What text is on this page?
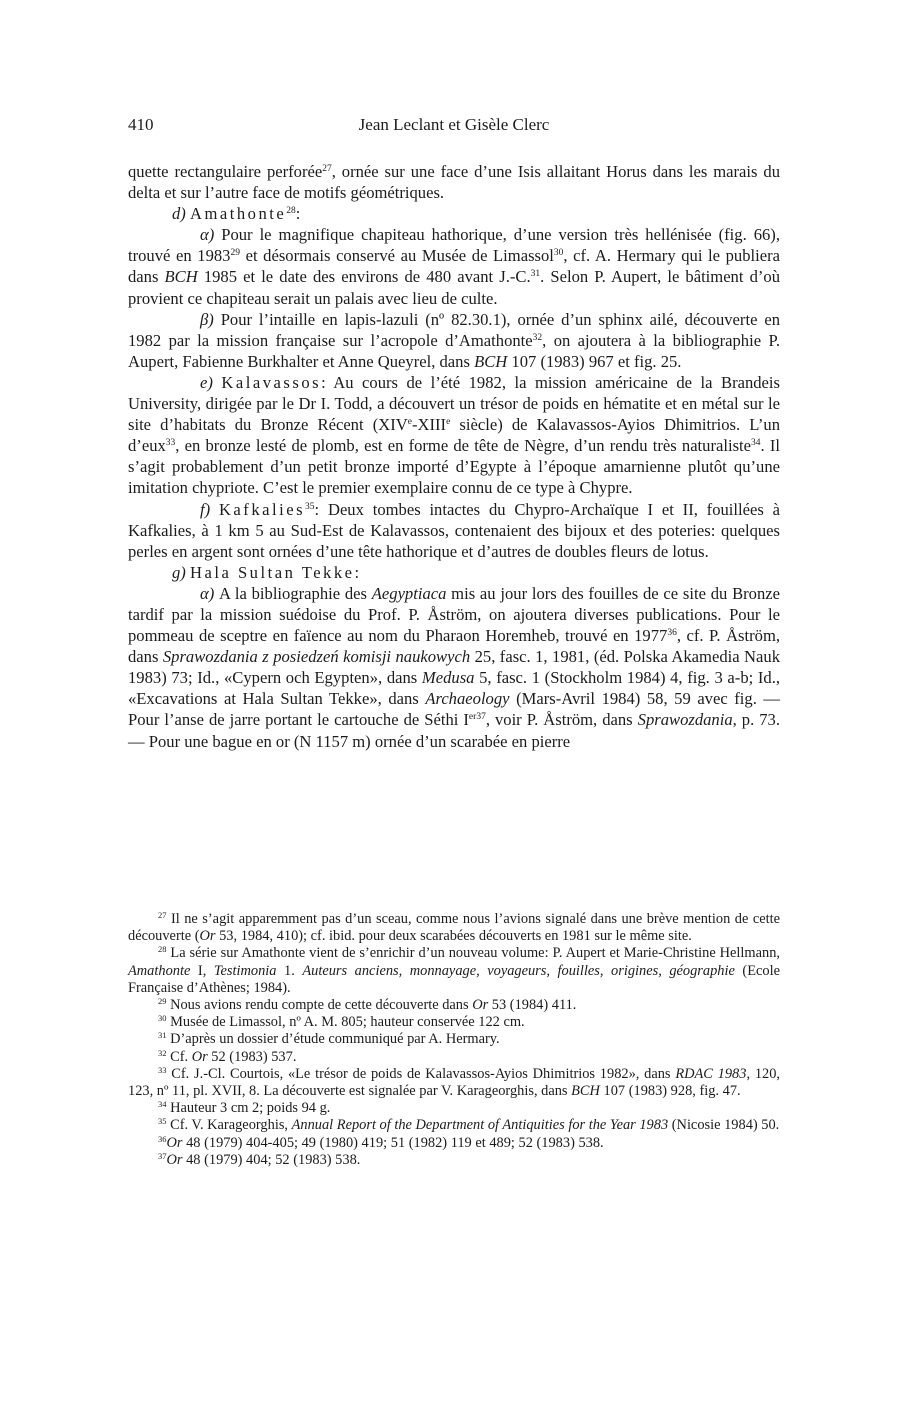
410	Jean Leclant et Gisèle Clerc

quette rectangulaire perforée$^{27}$, ornée sur une face d’une Isis allaitant Horus dans les marais du delta et sur l’autre face de motifs géométriques.

d) Amathonte$^{28}$:

α) Pour le magnifique chapiteau hathorique, d’une version très hellénisée (fig. 66), trouvé en 1983$^{29}$ et désormais conservé au Musée de Limassol$^{30}$, cf. A. Hermary qui le publiera dans BCH 1985 et le date des environs de 480 avant J.-C.$^{31}$. Selon P. Aupert, le bâtiment d’où provient ce chapiteau serait un palais avec lieu de culte.

β) Pour l’intaille en lapis-lazuli (nº 82.30.1), ornée d’un sphinx ailé, découverte en 1982 par la mission française sur l’acropole d’Amathonte$^{32}$, on ajoutera à la bibliographie P. Aupert, Fabienne Burkhalter et Anne Queyrel, dans BCH 107 (1983) 967 et fig. 25.

e) Kalavassos: Au cours de l’été 1982, la mission américaine de la Brandeis University, dirigée par le Dr I. Todd, a découvert un trésor de poids en hématite et en métal sur le site d’habitats du Bronze Récent (XIVe-XIIIe siècle) de Kalavassos-Ayios Dhimitrios. L’un d’eux$^{33}$, en bronze lesté de plomb, est en forme de tête de Nègre, d’un rendu très naturaliste$^{34}$. Il s’agit probablement d’un petit bronze importé d’Egypte à l’époque amarnienne plutôt qu’une imitation chypriote. C’est le premier exemplaire connu de ce type à Chypre.

f) Kafkalies$^{35}$: Deux tombes intactes du Chypro-Archaïque I et II, fouillées à Kafkalies, à 1 km 5 au Sud-Est de Kalavassos, contenaient des bijoux et des poteries: quelques perles en argent sont ornées d’une tête hathorique et d’autres de doubles fleurs de lotus.

g) Hala Sultan Tekke:

α) A la bibliographie des Aegyptiaca mis au jour lors des fouilles de ce site du Bronze tardif par la mission suédoise du Prof. P. Åström, on ajoutera diverses publications. Pour le pommeau de sceptre en faïence au nom du Pharaon Horemheb, trouvé en 1977$^{36}$, cf. P. Åström, dans Sprawozdania z posiedzeń komisji naukowych 25, fasc. 1, 1981, (éd. Polska Akamedia Nauk 1983) 73; Id., «Cypern och Egypten», dans Medusa 5, fasc. 1 (Stockholm 1984) 4, fig. 3 a-b; Id., «Excavations at Hala Sultan Tekke», dans Archaeology (Mars-Avril 1984) 58, 59 avec fig. — Pour l’anse de jarre portant le cartouche de Séthi $I^{er37}$, voir P. Åström, dans Sprawozdania, p. 73. — Pour une bague en or (N 1157 m) ornée d’un scarabée en pierre

$^{27}$ Il ne s’agit apparemment pas d’un sceau, comme nous l’avions signalé dans une brève mention de cette découverte (Or 53, 1984, 410); cf. ibid. pour deux scarabées découverts en 1981 sur le même site.

$^{28}$ La série sur Amathonte vient de s’enrichir d’un nouveau volume: P. Aupert et Marie-Christine Hellmann, Amathonte I, Testimonia 1. Auteurs anciens, monnayage, voyageurs, fouilles, origines, géographie (Ecole Française d’Athènes; 1984).

$^{29}$ Nous avions rendu compte de cette découverte dans Or 53 (1984) 411.

$^{30}$ Musée de Limassol, nº A. M. 805; hauteur conservée 122 cm.

$^{31}$ D’après un dossier d’étude communiqué par A. Hermary.

$^{32}$ Cf. Or 52 (1983) 537.

$^{33}$ Cf. J.-Cl. Courtois, «Le trésor de poids de Kalavassos-Ayios Dhimitrios 1982», dans RDAC 1983, 120, 123, nº 11, pl. XVII, 8. La découverte est signalée par V. Karageorghis, dans BCH 107 (1983) 928, fig. 47.

$^{34}$ Hauteur 3 cm 2; poids 94 g.

$^{35}$ Cf. V. Karageorghis, Annual Report of the Department of Antiquities for the Year 1983 (Nicosie 1984) 50.

$^{36}$Or 48 (1979) 404-405; 49 (1980) 419; 51 (1982) 119 et 489; 52 (1983) 538.

$^{37}$Or 48 (1979) 404; 52 (1983) 538.
